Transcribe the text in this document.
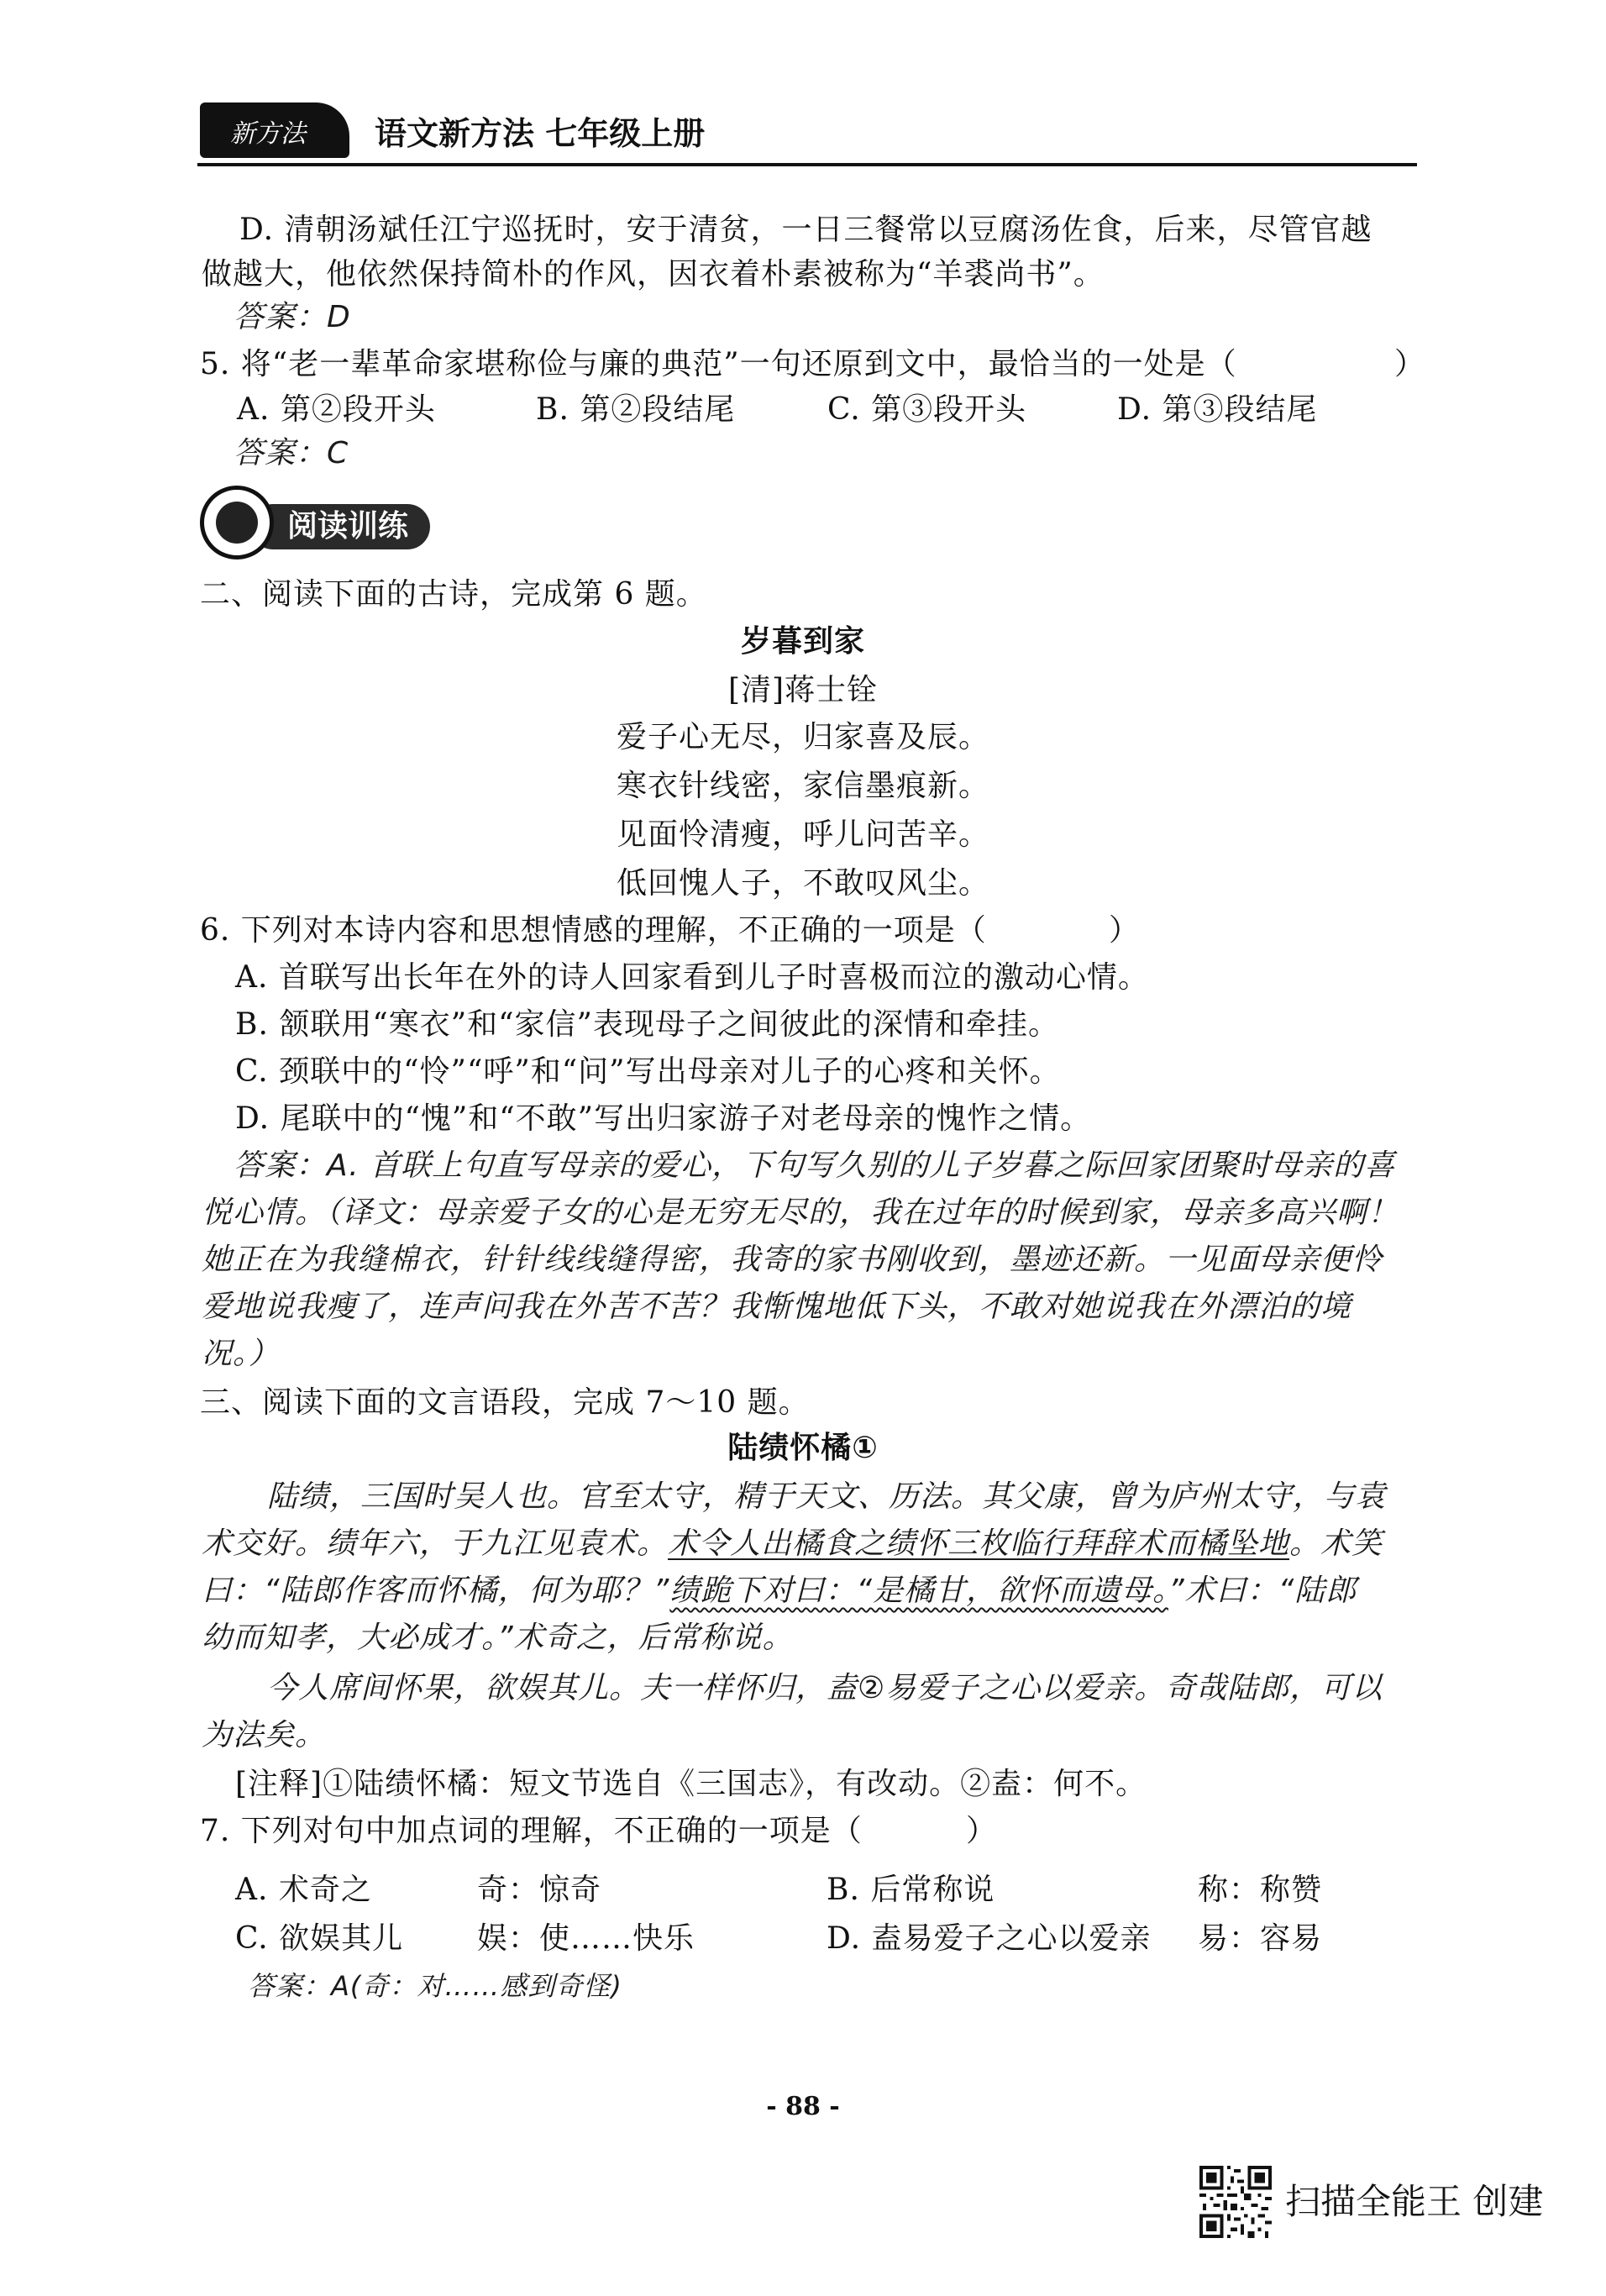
新方法 语文新方法 七年级上册
D. 清朝汤斌任江宁巡抚时，安于清贫，一日三餐常以豆腐汤佐食，后来，尽管官越
做越大，他依然保持简朴的作风，因衣着朴素被称为“羊裘尚书”。
答案：D
5. 将“老一辈革命家堪称俭与廉的典范”一句还原到文中，最恰当的一处是（	）
A. 第②段开头	B. 第②段结尾	C. 第③段开头	D. 第③段结尾
答案：C
阅读训练
二、阅读下面的古诗，完成第 6 题。
岁暮到家
[清]蒋士铨
爱子心无尽，归家喜及辰。
寒衣针线密，家信墨痕新。
见面怜清瘦，呼儿问苦辛。
低回愧人子，不敢叹风尘。
6. 下列对本诗内容和思想情感的理解，不正确的一项是（	）
A. 首联写出长年在外的诗人回家看到儿子时喜极而泣的激动心情。
B. 颔联用“寒衣”和“家信”表现母子之间彼此的深情和牵挂。
C. 颈联中的“怜”“呼”和“问”写出母亲对儿子的心疼和关怀。
D. 尾联中的“愧”和“不敢”写出归家游子对老母亲的愧怍之情。
答案：A. 首联上句直写母亲的爱心，下句写久别的儿子岁暮之际回家团聚时母亲的喜
悦心情。（译文：母亲爱子女的心是无穷无尽的，我在过年的时候到家，母亲多高兴啊！
她正在为我缝棉衣，针针线线缝得密，我寄的家书刚收到，墨迹还新。一见面母亲便怜
爱地说我瘦了，连声问我在外苦不苦？我惭愧地低下头，不敢对她说我在外漂泊的境
况。）
三、阅读下面的文言语段，完成 7～10 题。
陆绩怀橘①
陆绩，三国时吴人也。官至太守，精于天文、历法。其父康，曾为庐州太守，与袁
术交好。绩年六，于九江见袁术。术令人出橘食之绩怀三枚临行拜辞术而橘坠地。术笑
曰：“陆郎作客而怀橘，何为耶？”绩跪下对曰：“是橘甘，欲怀而遗母。”术曰：“陆郎
幼而知孝，大必成才。”术奇之，后常称说。
今人席间怀果，欲娱其儿。夫一样怀归，盍②易爱子之心以爱亲。奇哉陆郎，可以
为法矣。
[注释]①陆绩怀橘：短文节选自《三国志》，有改动。②盍：何不。
7. 下列对句中加点词的理解，不正确的一项是（	）
A. 术奇之	奇：惊奇	B. 后常称说	称：称赞
C. 欲娱其儿 娱：使……快乐	D. 盍易爱子之心以爱亲 易：容易
答案：A(奇：对……感到奇怪)
- 88 -
扫描全能王 创建
